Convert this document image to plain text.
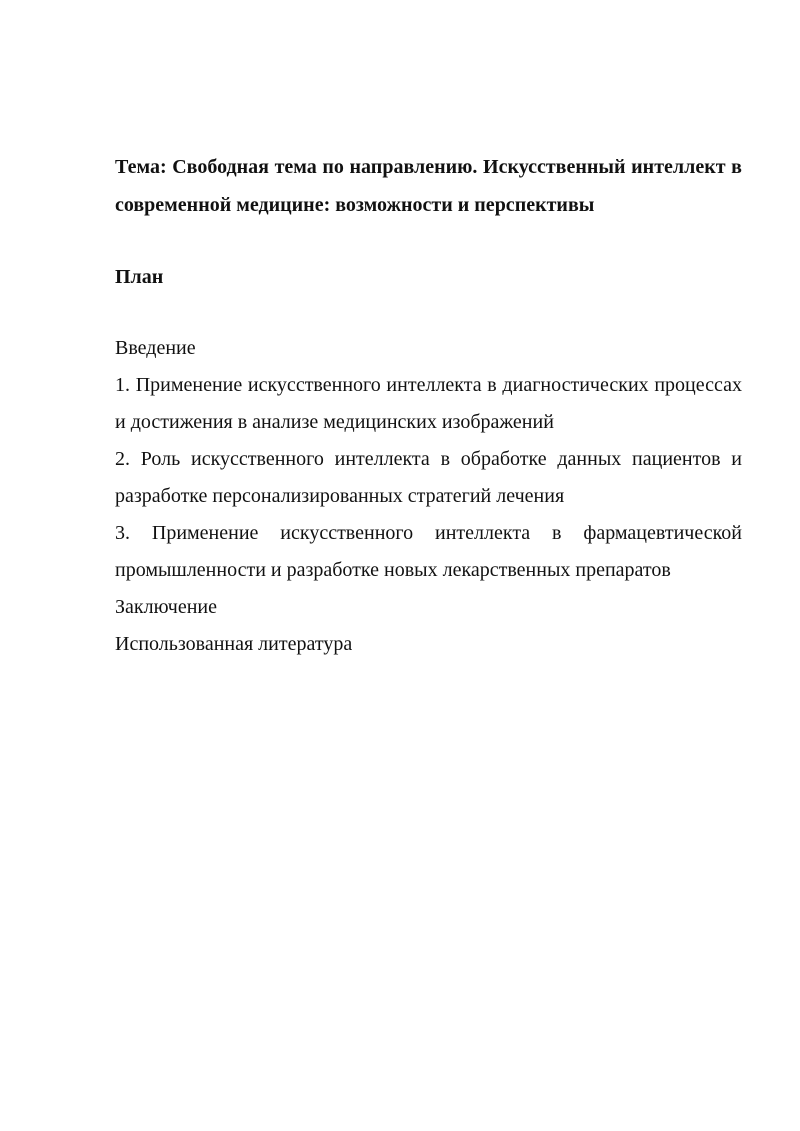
Тема: Свободная тема по направлению. Искусственный интеллект в современной медицине: возможности и перспективы

План

Введение
1. Применение искусственного интеллекта в диагностических процессах и достижения в анализе медицинских изображений
2. Роль искусственного интеллекта в обработке данных пациентов и разработке персонализированных стратегий лечения
3. Применение искусственного интеллекта в фармацевтической промышленности и разработке новых лекарственных препаратов
Заключение
Использованная литература
